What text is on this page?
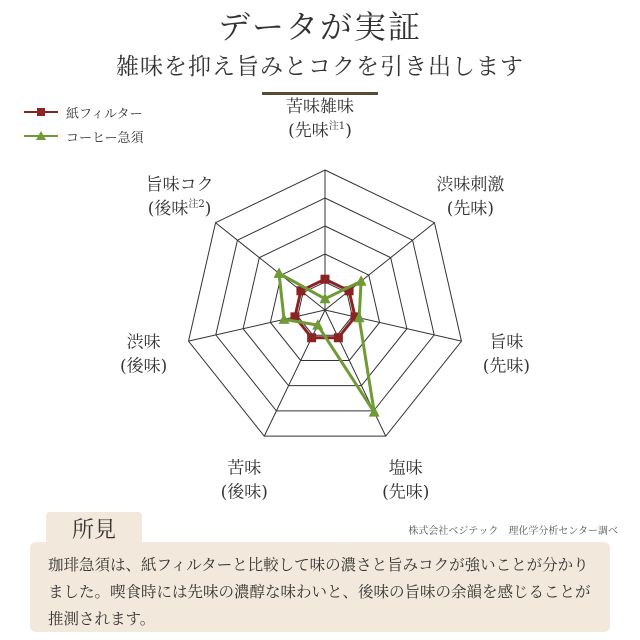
データが実証
雑味を抑え旨みとコクを引き出します
紙フィルター
コーヒー急須
苦味雑味
(先味$^{注1}$)
渋味刺激
(先味)
旨味
(先味)
塩味
(先味)
苦味
(後味)
渋味
(後味)
旨味コク
(後味$^{注2}$)
株式会社ベジテック　理化学分析センター調べ
珈琲急須は、紙フィルターと比較して味の濃さと旨みコクが強いことが分かりました。喫食時には先味の濃醇な味わいと、後味の旨味の余韻を感じることが推測されます。
所見
